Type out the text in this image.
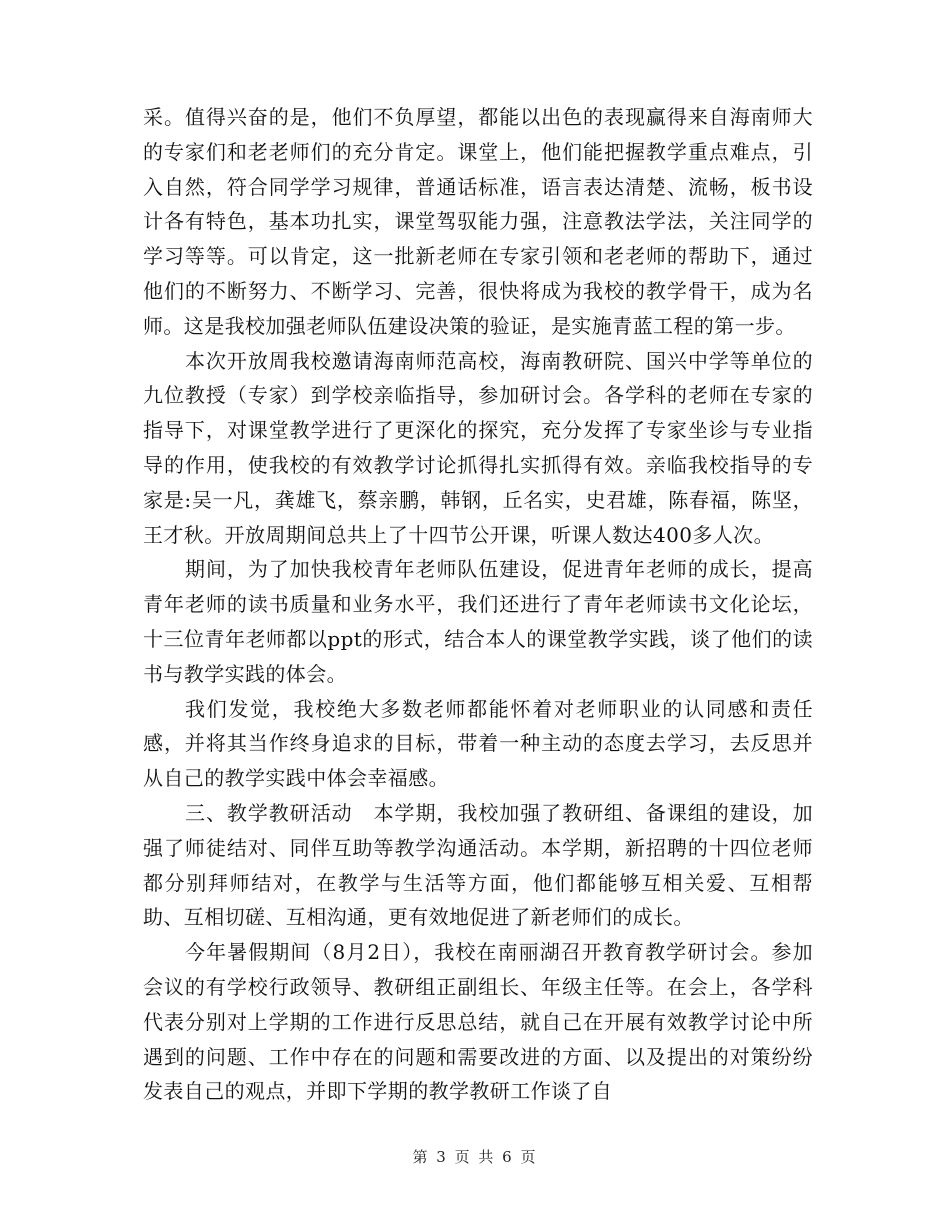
采。值得兴奋的是，他们不负厚望，都能以出色的表现赢得来自海南师大的专家们和老老师们的充分肯定。课堂上，他们能把握教学重点难点，引入自然，符合同学学习规律，普通话标准，语言表达清楚、流畅，板书设计各有特色，基本功扎实，课堂驾驭能力强，注意教法学法，关注同学的学习等等。可以肯定，这一批新老师在专家引领和老老师的帮助下，通过他们的不断努力、不断学习、完善，很快将成为我校的教学骨干，成为名师。这是我校加强老师队伍建设决策的验证，是实施青蓝工程的第一步。

本次开放周我校邀请海南师范高校，海南教研院、国兴中学等单位的九位教授（专家）到学校亲临指导，参加研讨会。各学科的老师在专家的指导下，对课堂教学进行了更深化的探究，充分发挥了专家坐诊与专业指导的作用，使我校的有效教学讨论抓得扎实抓得有效。亲临我校指导的专家是:吴一凡，龚雄飞，蔡亲鹏，韩钢，丘名实，史君雄，陈春福，陈坚，王才秋。开放周期间总共上了十四节公开课，听课人数达400多人次。

期间，为了加快我校青年老师队伍建设，促进青年老师的成长，提高青年老师的读书质量和业务水平，我们还进行了青年老师读书文化论坛，十三位青年老师都以ppt的形式，结合本人的课堂教学实践，谈了他们的读书与教学实践的体会。

我们发觉，我校绝大多数老师都能怀着对老师职业的认同感和责任感，并将其当作终身追求的目标，带着一种主动的态度去学习，去反思并从自己的教学实践中体会幸福感。

三、教学教研活动　本学期，我校加强了教研组、备课组的建设，加强了师徒结对、同伴互助等教学沟通活动。本学期，新招聘的十四位老师都分别拜师结对，在教学与生活等方面，他们都能够互相关爱、互相帮助、互相切磋、互相沟通，更有效地促进了新老师们的成长。

今年暑假期间（8月2日），我校在南丽湖召开教育教学研讨会。参加会议的有学校行政领导、教研组正副组长、年级主任等。在会上，各学科代表分别对上学期的工作进行反思总结，就自己在开展有效教学讨论中所遇到的问题、工作中存在的问题和需要改进的方面、以及提出的对策纷纷发表自己的观点，并即下学期的教学教研工作谈了自

第 3 页 共 6 页
